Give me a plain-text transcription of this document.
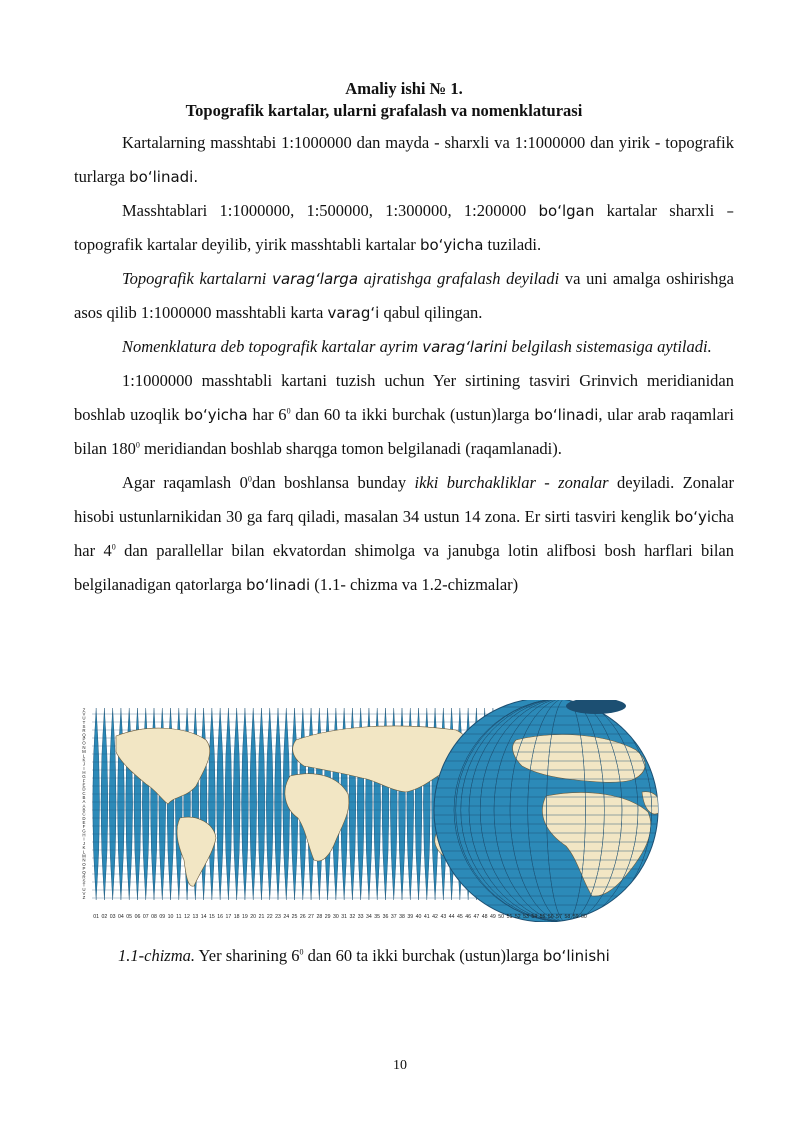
Amaliy ishi № 1.
Topografik kartalar, ularni grafalash va nomenklaturasi

Kartalarning masshtabi 1:1000000 dan mayda - sharxli va 1:1000000 dan yirik - topografik turlarga bo‘linadi.

Masshtablari 1:1000000, 1:500000, 1:300000, 1:200000 bo‘lgan kartalar sharxli – topografik kartalar deyilib, yirik masshtabli kartalar bo‘yicha tuziladi.

Topografik kartalarni varag‘larga ajratishga grafalash deyiladi va uni amalga oshirishga asos qilib 1:1000000 masshtabli karta varag‘i qabul qilingan.

Nomenklatura deb topografik kartalar ayrim varag‘larini belgilash sistemasiga aytiladi.

1:1000000 masshtabli kartani tuzish uchun Yer sirtining tasviri Grinvich meridianidan boshlab uzoqlik bo‘yicha har $6^0$ dan 60 ta ikki burchak (ustun)larga bo‘linadi, ular arab raqamlari bilan $180^0$ meridiandan boshlab sharqga tomon belgilanadi (raqamlanadi).

Agar raqamlash $0^0dan$ boshlansa bunday ikki burchakliklar - zonalar deyiladi. Zonalar hisobi ustunlarnikidan 30 ga farq qiladi, masalan 34 ustun 14 zona. Er sirti tasviri kenglik bo‘yicha har $4^0$ dan parallellar bilan ekvatordan shimolga va janubga lotin alifbosi bosh harflari bilan belgilanadigan qatorlarga bo‘linadi (1.1- chizma va 1.2-chizmalar)

Z
V
U
T
S
R
Q
P
O
N
M
L
K
J
I
H
G
F
E
D
C
B
A
A
B
C
D
E
F
G
H
I
J
K
L
M
N
O
P
Q
R
S
T
U
V
Z
01 02 03 04 05 06 07 08 09 10 11 12 13 14 15 16 17 18 19 20 21 22 23 24 25 26 27 28 29 30 31 32 33 34 35 36 37 38 39 40 41 42 43 44 45 46 47 48 49 50 51 52 53 54 55 56 57 58 59 60
1.1-chizma. Yer sharining $6^0$ dan 60 ta ikki burchak (ustun)larga bo‘linishi
10
